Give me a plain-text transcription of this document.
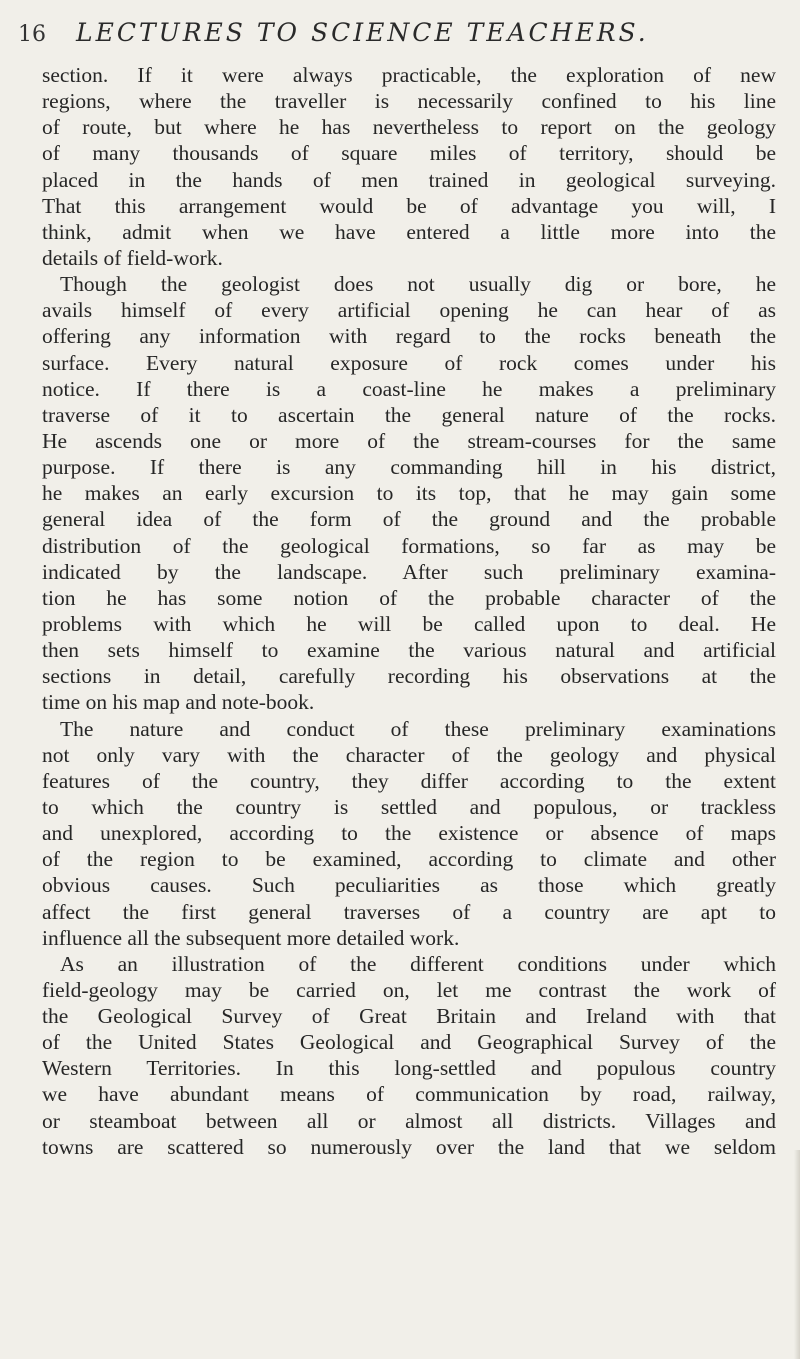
16 LECTURES TO SCIENCE TEACHERS.
section. If it were always practicable, the exploration of new
regions, where the traveller is necessarily confined to his line
of route, but where he has nevertheless to report on the geology
of many thousands of square miles of territory, should be
placed in the hands of men trained in geological surveying.
That this arrangement would be of advantage you will, I
think, admit when we have entered a little more into the
details of field-work.
Though the geologist does not usually dig or bore, he
avails himself of every artificial opening he can hear of as
offering any information with regard to the rocks beneath the
surface. Every natural exposure of rock comes under his
notice. If there is a coast-line he makes a preliminary
traverse of it to ascertain the general nature of the rocks.
He ascends one or more of the stream-courses for the same
purpose. If there is any commanding hill in his district,
he makes an early excursion to its top, that he may gain some
general idea of the form of the ground and the probable
distribution of the geological formations, so far as may be
indicated by the landscape. After such preliminary examina-
tion he has some notion of the probable character of the
problems with which he will be called upon to deal. He
then sets himself to examine the various natural and artificial
sections in detail, carefully recording his observations at the
time on his map and note-book.
The nature and conduct of these preliminary examinations
not only vary with the character of the geology and physical
features of the country, they differ according to the extent
to which the country is settled and populous, or trackless
and unexplored, according to the existence or absence of maps
of the region to be examined, according to climate and other
obvious causes. Such peculiarities as those which greatly
affect the first general traverses of a country are apt to
influence all the subsequent more detailed work.
As an illustration of the different conditions under which
field-geology may be carried on, let me contrast the work of
the Geological Survey of Great Britain and Ireland with that
of the United States Geological and Geographical Survey of the
Western Territories. In this long-settled and populous country
we have abundant means of communication by road, railway,
or steamboat between all or almost all districts. Villages and
towns are scattered so numerously over the land that we seldom
